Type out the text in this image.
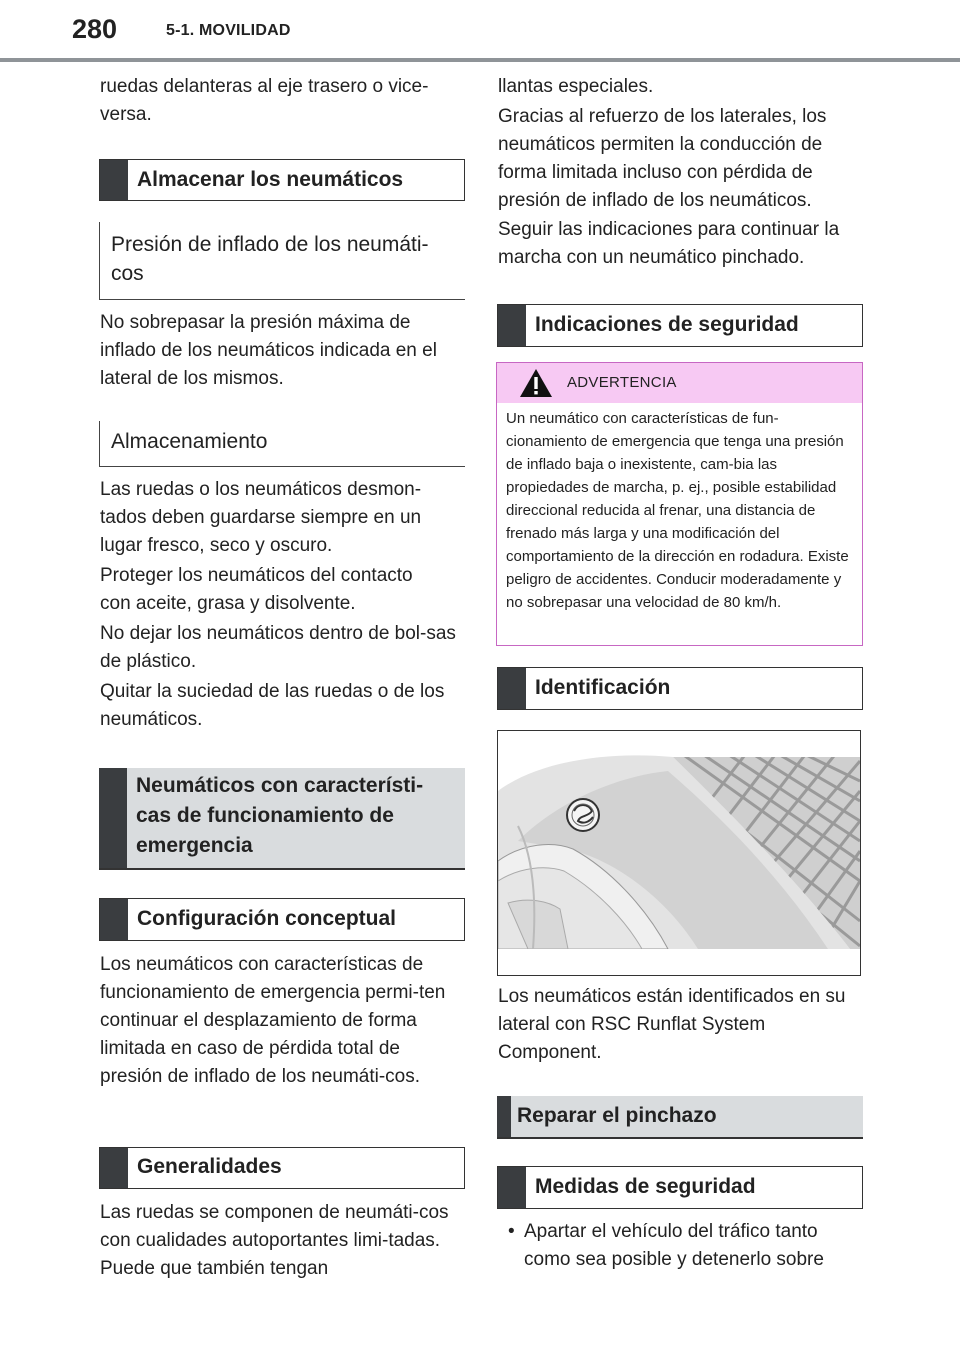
280	5-1. MOVILIDAD

ruedas delanteras al eje trasero o vice-versa.

Almacenar los neumáticos
Presión de inflado de los neumáti-cos

No sobrepasar la presión máxima de inflado de los neumáticos indicada en el lateral de los mismos.

Almacenamiento

Las ruedas o los neumáticos desmon-tados deben guardarse siempre en un lugar fresco, seco y oscuro.

Proteger los neumáticos del contacto con aceite, grasa y disolvente.

No dejar los neumáticos dentro de bol-sas de plástico.

Quitar la suciedad de las ruedas o de los neumáticos.

Neumáticos con característi-cas de funcionamiento de emergencia
Configuración conceptual

Los neumáticos con características de funcionamiento de emergencia permi-ten continuar el desplazamiento de forma limitada en caso de pérdida total de presión de inflado de los neumáti-cos.

Generalidades

Las ruedas se componen de neumáti-cos con cualidades autoportantes limi-tadas. Puede que también tengan

llantas especiales.

Gracias al refuerzo de los laterales, los neumáticos permiten la conducción de forma limitada incluso con pérdida de presión de inflado de los neumáticos.

Seguir las indicaciones para continuar la marcha con un neumático pinchado.

Indicaciones de seguridad
ADVERTENCIA
Un neumático con características de fun-cionamiento de emergencia que tenga una presión de inflado baja o inexistente, cam-bia las propiedades de marcha, p. ej., posible estabilidad direccional reducida al frenar, una distancia de frenado más larga y una modificación del comportamiento de la dirección en rodadura. Existe peligro de accidentes. Conducir moderadamente y no sobrepasar una velocidad de 80 km/h.
Identificación

Los neumáticos están identificados en su lateral con RSC Runflat System Component.

Reparar el pinchazo
Medidas de seguridad
• Apartar el vehículo del tráfico tanto como sea posible y detenerlo sobre
